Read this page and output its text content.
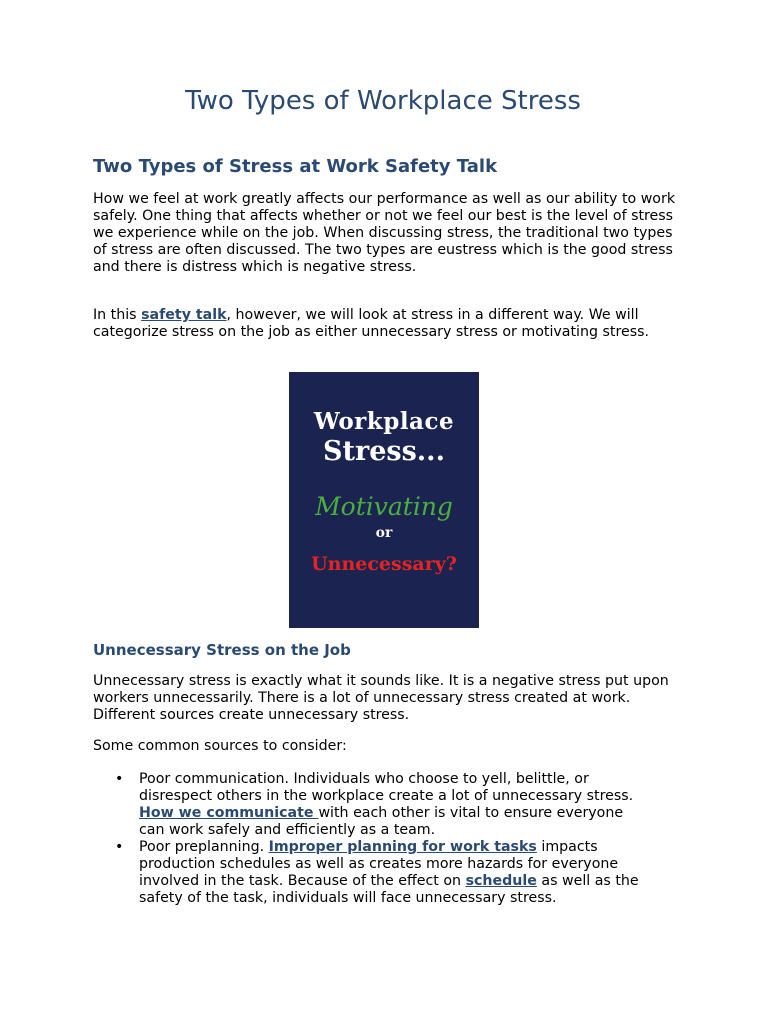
Two Types of Workplace Stress
Two Types of Stress at Work Safety Talk

How we feel at work greatly affects our performance as well as our ability to work safely. One thing that affects whether or not we feel our best is the level of stress we experience while on the job. When discussing stress, the traditional two types of stress are often discussed. The two types are eustress which is the good stress and there is distress which is negative stress.

In this safety talk, however, we will look at stress in a different way. We will categorize stress on the job as either unnecessary stress or motivating stress.

Unnecessary Stress on the Job

Unnecessary stress is exactly what it sounds like. It is a negative stress put upon workers unnecessarily. There is a lot of unnecessary stress created at work. Different sources create unnecessary stress.

Some common sources to consider:

• Poor communication. Individuals who choose to yell, belittle, or disrespect others in the workplace create a lot of unnecessary stress. How we communicate with each other is vital to ensure everyone can work safely and efficiently as a team.
• Poor preplanning. Improper planning for work tasks impacts production schedules as well as creates more hazards for everyone involved in the task. Because of the effect on schedule as well as the safety of the task, individuals will face unnecessary stress.
Workplace
Stress...
Motivating
or
Unnecessary?
